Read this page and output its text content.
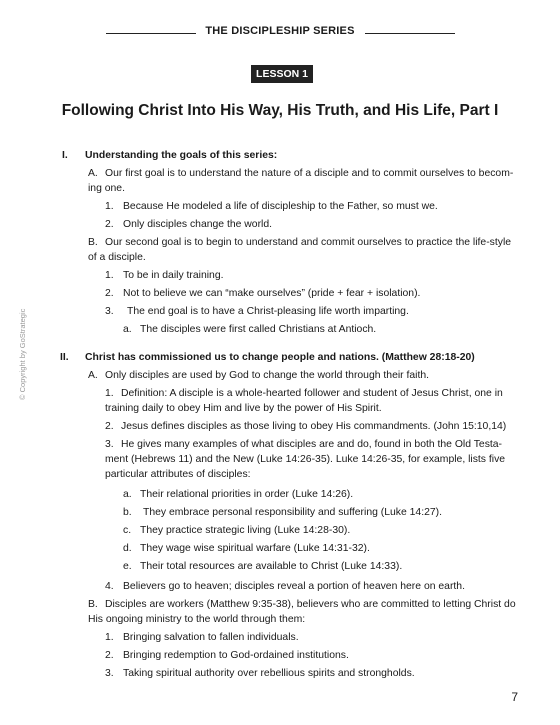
THE DISCIPLESHIP SERIES
LESSON 1
Following Christ Into His Way, His Truth, and His Life, Part I
© Copyright by GoStrategic
I. Understanding the goals of this series:
A. Our first goal is to understand the nature of a disciple and to commit ourselves to becom-
ing one.
1. Because He modeled a life of discipleship to the Father, so must we.
2. Only disciples change the world.
B. Our second goal is to begin to understand and commit ourselves to practice the life-style
of a disciple.
1. To be in daily training.
2. Not to believe we can “make ourselves” (pride + fear + isolation).
3. The end goal is to have a Christ-pleasing life worth imparting.
a. The disciples were first called Christians at Antioch.
II. Christ has commissioned us to change people and nations. (Matthew 28:18-20)
A. Only disciples are used by God to change the world through their faith.
1. Definition: A disciple is a whole-hearted follower and student of Jesus Christ, one in
training daily to obey Him and live by the power of His Spirit.
2. Jesus defines disciples as those living to obey His commandments. (John 15:10,14)
3. He gives many examples of what disciples are and do, found in both the Old Testa-
ment (Hebrews 11) and the New (Luke 14:26-35). Luke 14:26-35, for example, lists five
particular attributes of disciples:
a. Their relational priorities in order (Luke 14:26).
b. They embrace personal responsibility and suffering (Luke 14:27).
c. They practice strategic living (Luke 14:28-30).
d. They wage wise spiritual warfare (Luke 14:31-32).
e. Their total resources are available to Christ (Luke 14:33).
4. Believers go to heaven; disciples reveal a portion of heaven here on earth.
B. Disciples are workers (Matthew 9:35-38), believers who are committed to letting Christ do
His ongoing ministry to the world through them:
1. Bringing salvation to fallen individuals.
2. Bringing redemption to God-ordained institutions.
3. Taking spiritual authority over rebellious spirits and strongholds.
7
